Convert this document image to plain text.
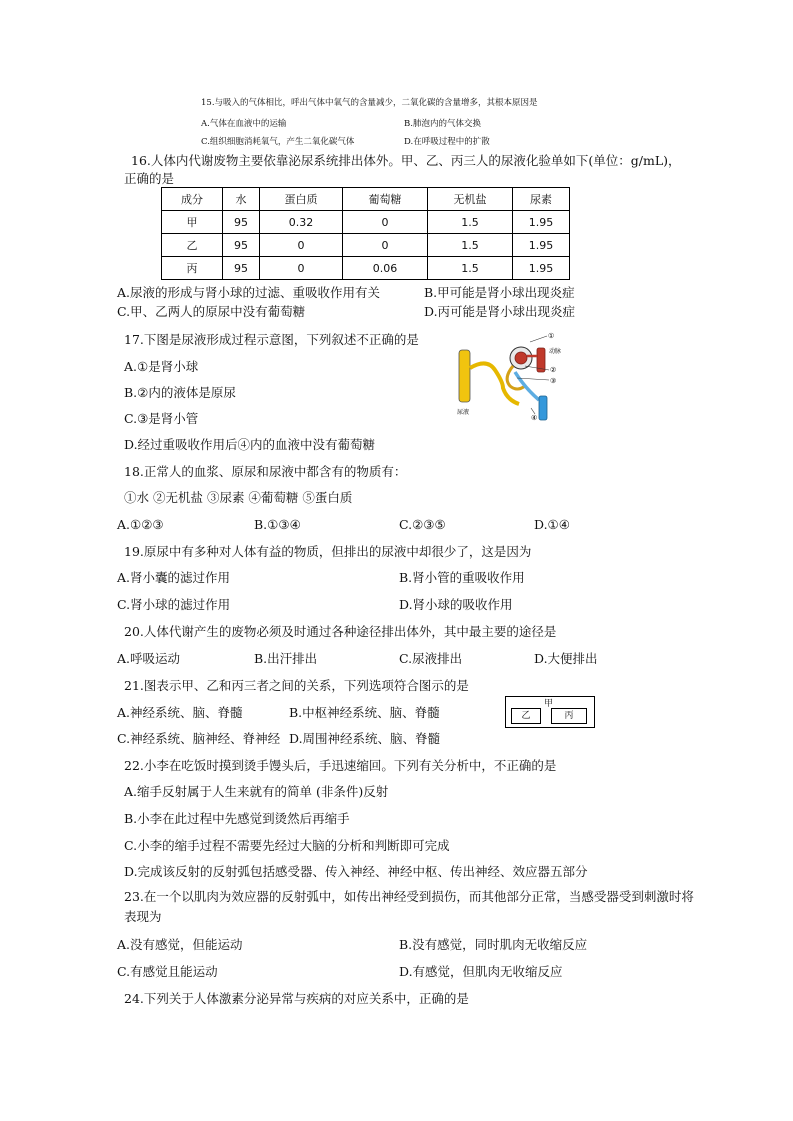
15.与吸入的气体相比，呼出气体中氧气的含量减少，二氧化碳的含量增多，其根本原因是
A.气体在血液中的运输	B.肺泡内的气体交换
C.组织细胞消耗氧气，产生二氧化碳气体	D.在呼吸过程中的扩散
16.人体内代谢废物主要依靠泌尿系统排出体外。甲、乙、丙三人的尿液化验单如下(单位：g/mL)，
正确的是
成分	水	蛋白质	葡萄糖	无机盐	尿素
甲	95	0.32	0	1.5	1.95
乙	95	0	0	1.5	1.95
丙	95	0	0.06	1.5	1.95
A.尿液的形成与肾小球的过滤、重吸收作用有关	B.甲可能是肾小球出现炎症
C.甲、乙两人的原尿中没有葡萄糖	D.丙可能是肾小球出现炎症
17.下图是尿液形成过程示意图，下列叙述不正确的是
A.①是肾小球
B.②内的液体是原尿
C.③是肾小管
D.经过重吸收作用后④内的血液中没有葡萄糖
①
动脉
②
③
④
尿液
18.正常人的血浆、原尿和尿液中都含有的物质有：
①水 ②无机盐 ③尿素 ④葡萄糖 ⑤蛋白质
A.①②③	B.①③④	C.②③⑤	D.①④
19.原尿中有多种对人体有益的物质，但排出的尿液中却很少了，这是因为
A.肾小囊的滤过作用	B.肾小管的重吸收作用
C.肾小球的滤过作用	D.肾小球的吸收作用
20.人体代谢产生的废物必须及时通过各种途径排出体外，其中最主要的途径是
A.呼吸运动	B.出汗排出	C.尿液排出	D.大便排出
21.图表示甲、乙和丙三者之间的关系，下列选项符合图示的是
A.神经系统、脑、脊髓	B.中枢神经系统、脑、脊髓
C.神经系统、脑神经、脊神经 D.周围神经系统、脑、脊髓
甲
乙	丙
22.小李在吃饭时摸到烫手馒头后，手迅速缩回。下列有关分析中，不正确的是
A.缩手反射属于人生来就有的简单 (非条件)反射
B.小李在此过程中先感觉到烫然后再缩手
C.小李的缩手过程不需要先经过大脑的分析和判断即可完成
D.完成该反射的反射弧包括感受器、传入神经、神经中枢、传出神经、效应器五部分
23.在一个以肌肉为效应器的反射弧中，如传出神经受到损伤，而其他部分正常，当感受器受到刺激时将表现为
A.没有感觉，但能运动	B.没有感觉，同时肌肉无收缩反应
C.有感觉且能运动	D.有感觉，但肌肉无收缩反应
24.下列关于人体激素分泌异常与疾病的对应关系中，正确的是
